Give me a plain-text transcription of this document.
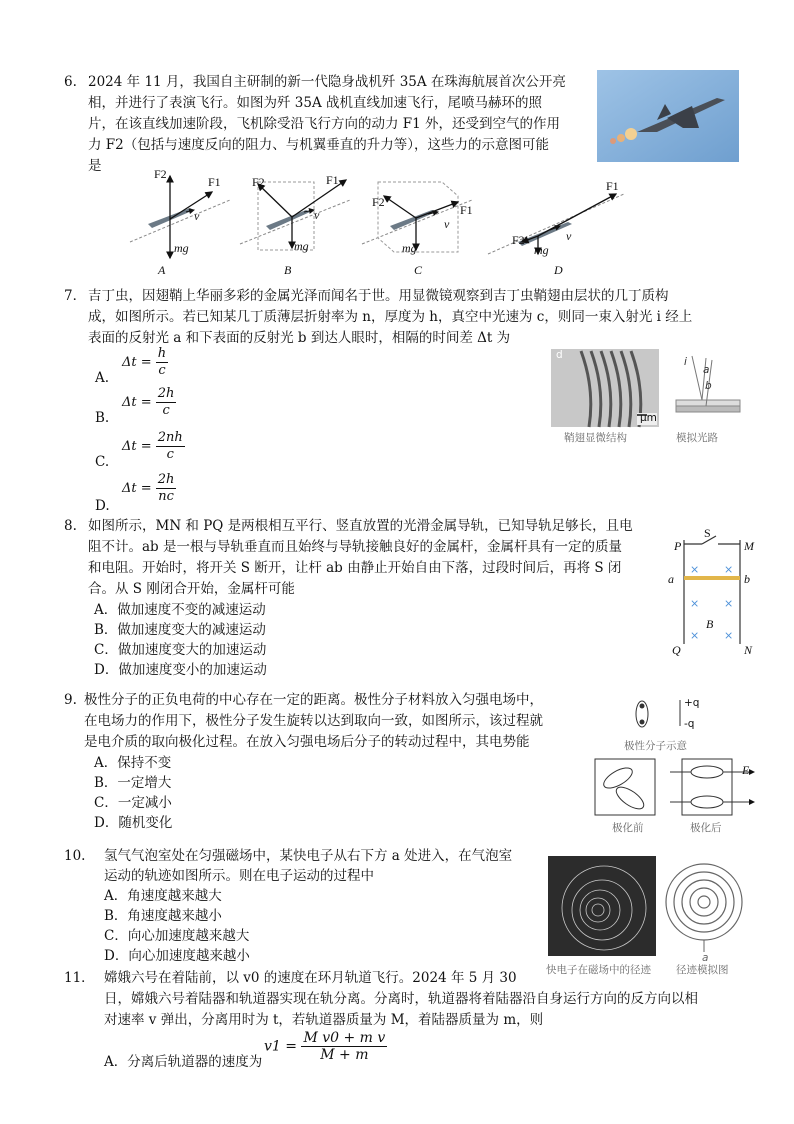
6. 2024 年 11 月，我国自主研制的新一代隐身战机歼 35A 在珠海航展首次公开亮
相，并进行了表演飞行。如图为歼 35A 战机直线加速飞行，尾喷马赫环的照
片，在该直线加速阶段，飞机除受沿飞行方向的动力 F1 外，还受到空气的作用
力 F2（包括与速度反向的阻力、与机翼垂直的升力等），这些力的示意图可能
是	F2
F1
v
mg
A
F2	F1
v
mg
B
F2
F1
v
mg
C
F1
F2	v
mg
D
7． 吉丁虫，因翅鞘上华丽多彩的金属光泽而闻名于世。用显微镜观察到吉丁虫鞘翅由层状的几丁质构
成，如图所示。若已知某几丁质薄层折射率为 n，厚度为 h，真空中光速为 c，则同一束入射光 i 经上
表面的反射光 a 和下表面的反射光 b 到达人眼时，相隔的时间差 Δt 为
A.
$\Delta t = \frac{h}{c}$
B.
$\Delta t = \frac{2h}{c}$
C.
$\Delta t = \frac{2nh}{c}$
D.
$\Delta t = \frac{2h}{nc}$
d
μm
鞘翅显微结构
i
a
b
模拟光路
8. 如图所示，MN 和 PQ 是两根相互平行、竖直放置的光滑金属导轨，已知导轨足够长，且电
阻不计。ab 是一根与导轨垂直而且始终与导轨接触良好的金属杆，金属杆具有一定的质量
和电阻。开始时，将开关 S 断开，让杆 ab 由静止开始自由下落，过段时间后，再将 S 闭
合。从 S 刚闭合开始，金属杆可能
A．做加速度不变的减速运动
B．做加速度变大的减速运动
C．做加速度变大的加速运动
D．做加速度变小的加速运动
P	M
S
a	b
B
Q	N
× ×
× ×
× ×
9. 极性分子的正负电荷的中心存在一定的距离。极性分子材料放入匀强电场中，
在电场力的作用下，极性分子发生旋转以达到取向一致，如图所示，该过程就
是电介质的取向极化过程。在放入匀强电场后分子的转动过程中，其电势能
A．保持不变
B．一定增大
C．一定减小
D．随机变化
+q
-q
极性分子示意
E
极化前	极化后
10. 氢气气泡室处在匀强磁场中，某快电子从右下方 a 处进入，在气泡室
运动的轨迹如图所示。则在电子运动的过程中
A．角速度越来越大
B．角速度越来越小
C．向心加速度越来越大
D．向心加速度越来越小	a
快电子在磁场中的径迹 径迹模拟图
11． 嫦娥六号在着陆前，以 v0 的速度在环月轨道飞行。2024 年 5 月 30
日，嫦娥六号着陆器和轨道器实现在轨分离。分离时，轨道器将着陆器沿自身运行方向的反方向以相
对速率 v 弹出，分离用时为 t，若轨道器质量为 M，着陆器质量为 m，则
A．分离后轨道器的速度为
$v1 = \frac{\text{M v0 + m v}}{M + m}$
